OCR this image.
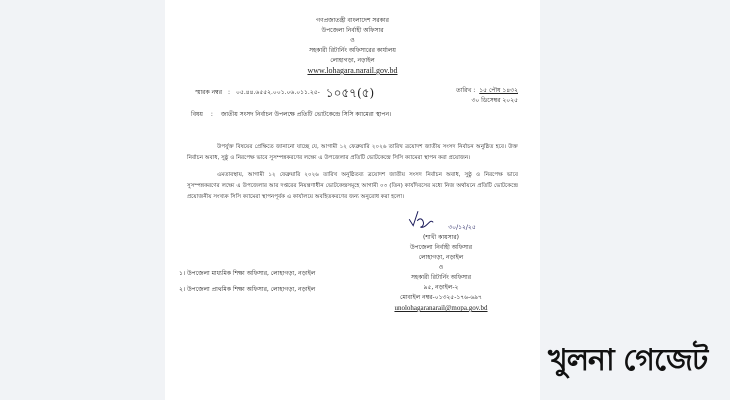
গণপ্রজাতন্ত্রী বাংলাদেশ সরকার
উপজেলা নির্বাহী অফিসার
ও
সহকারী রিটার্নিং অফিসারের কার্যালয়
লোহাগড়া, নড়াইল
www.lohagara.narail.gov.bd
স্মারক নম্বর : ০৫.৪৪.৬৫৫২.০০১.০৬.০১১.২৫- ১০৫৭(৫)	তারিখ : ১৫ পৌষ ১৪৩২
৩০ ডিসেম্বর ২০২৫
বিষয় : জাতীয় সংসদ নির্বাচন উপলক্ষে প্রতিটি ভোটকেন্দ্রে সিসি ক্যামেরা স্থাপন।
উপর্যুক্ত বিষয়ের প্রেক্ষিতে জানানো যাচ্ছে যে, আগামী ১২ ফেব্রুয়ারি ২০২৬ তারিখ ত্রয়োদশ জাতীয় সংসদ নির্বাচন অনুষ্ঠিত হবে। উক্ত নির্বাচন অবাধ, সুষ্ঠু ও নিরপেক্ষ ভাবে সুসম্পন্নকরণের লক্ষ্যে এ উপজেলার প্রতিটি ভোটকেন্দ্রে সিসি ক্যামেরা স্থাপন করা প্রয়োজন।
এমতাবস্থায়, আগামী ১২ ফেব্রুয়ারি ২০২৬ তারিখ অনুষ্ঠিতব্য ত্রয়োদশ জাতীয় সংসদ নির্বাচন অবাধ, সুষ্ঠু ও নিরপেক্ষ ভাবে সুসম্পন্নকরণের লক্ষ্যে এ উপজেলার আর দপ্তরের নিয়ন্ত্রণাধীন ভোটকেন্দ্রসমূহে আগামী ০৩ (তিন) কার্যদিবসের মধ্যে নিজ অর্থায়নে প্রতিটি ভোটকেন্দ্রে প্রয়োজনীয় সংখ্যক সিসি ক্যামেরা স্থাপনপূর্বক এ কার্যালয়ে অবহিতকরণের জন্য অনুরোধ করা হলো।
১। উপজেলা মাধ্যমিক শিক্ষা অফিসার, লোহাগড়া, নড়াইল
২। উপজেলা প্রাথমিক শিক্ষা অফিসার, লোহাগড়া, নড়াইল
৩০/১২/২৫
(শাখী কায়সার)
উপজেলা নির্বাহী অফিসার
লোহাগড়া, নড়াইল
ও
সহকারী রিটার্নিং অফিসার
৯৫, নড়াইল-২
মোবাইল নম্বর-০১৩২৫-১৭৬-৬৯৭
unolohagaranarail@mopa.gov.bd
খুলনা গেজেট
